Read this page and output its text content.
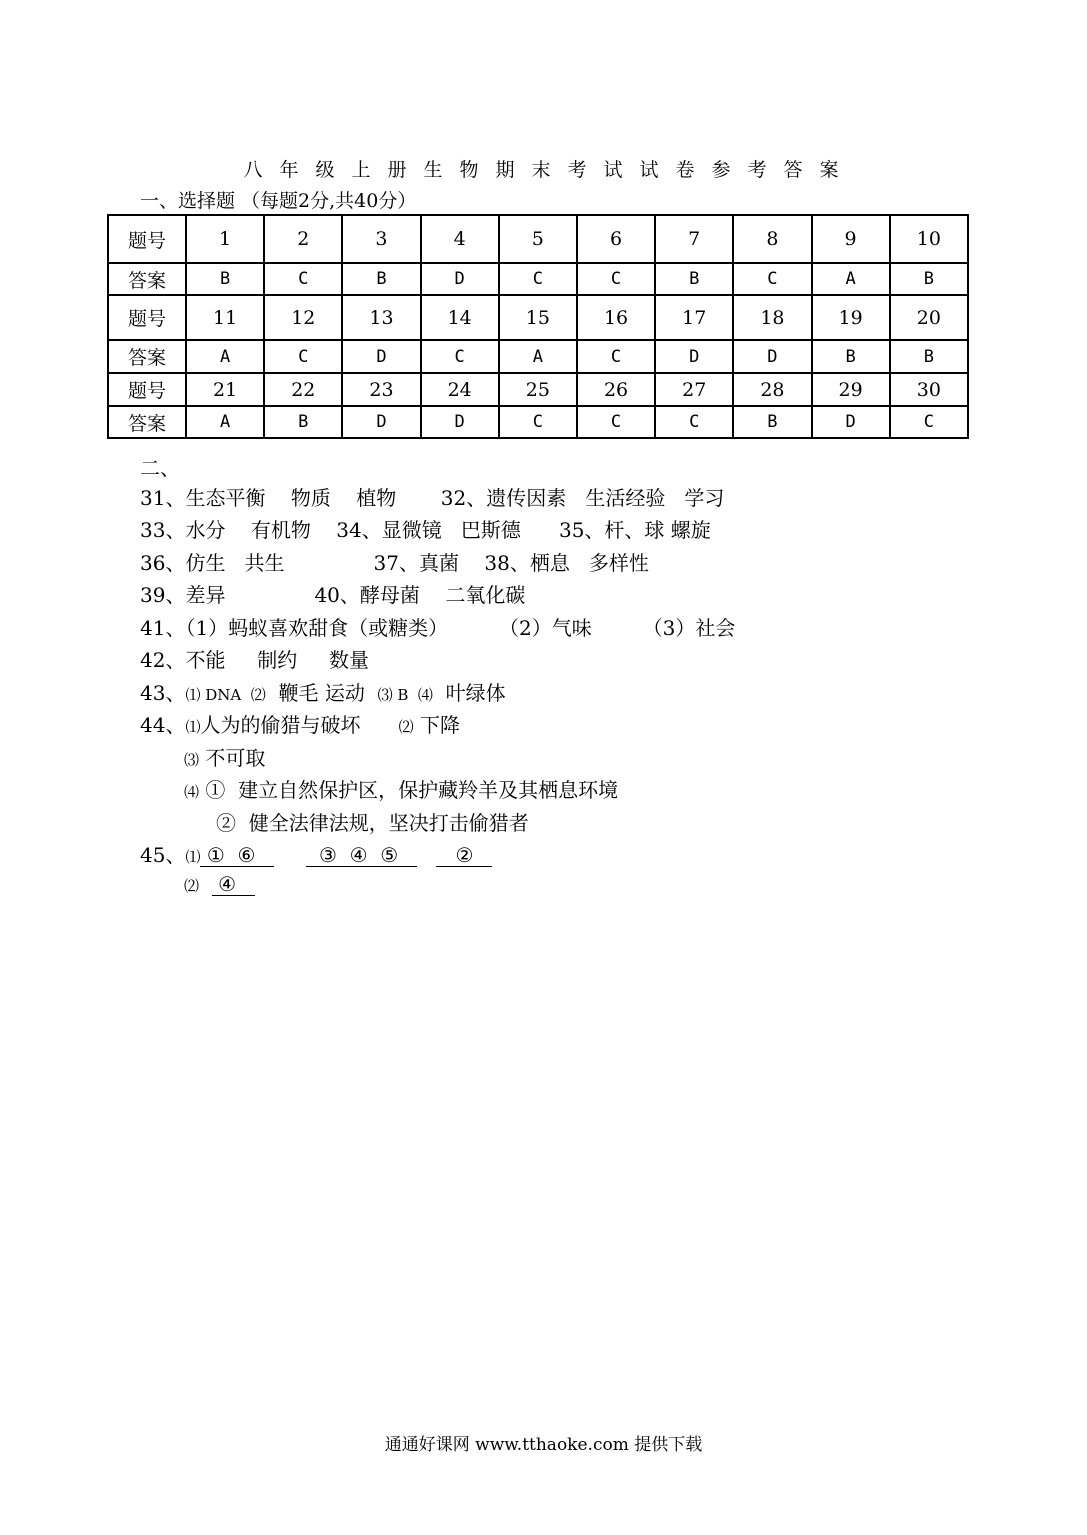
八年级上册生物期末考试试卷参考答案
一、选择题 （每题2分,共40分）
题号	1	2	3	4	5	6	7	8	9	10
答案	B	C	B	D	C	C	B	C	A	B
题号	11	12	13	14	15	16	17	18	19	20
答案	A	C	D	C	A	C	D	D	B	B
题号	21	22	23	24	25	26	27	28	29	30
答案	A	B	D	D	C	C	C	B	D	C
二、
31、生态平衡    物质    植物       32、遗传因素   生活经验   学习
33、水分    有机物    34、显微镜   巴斯德      35、杆、球 螺旋
36、仿生   共生              37、真菌    38、栖息   多样性
39、差异              40、酵母菌    二氧化碳
41、（1）蚂蚁喜欢甜食（或糖类）        （2）气味        （3）社会
42、不能     制约     数量
43、⑴ DNA  ⑵  鞭毛 运动  ⑶ B  ⑷  叶绿体
44、⑴人为的偷猎与破坏      ⑵ 下降
⑶ 不可取
⑷ ①  建立自然保护区，保护藏羚羊及其栖息环境
②  健全法律法规，坚决打击偷猎者
45、⑴ ①  ⑥          ③  ④  ⑤         ②
⑵   ④
通通好课网 www.tthaoke.com 提供下载
